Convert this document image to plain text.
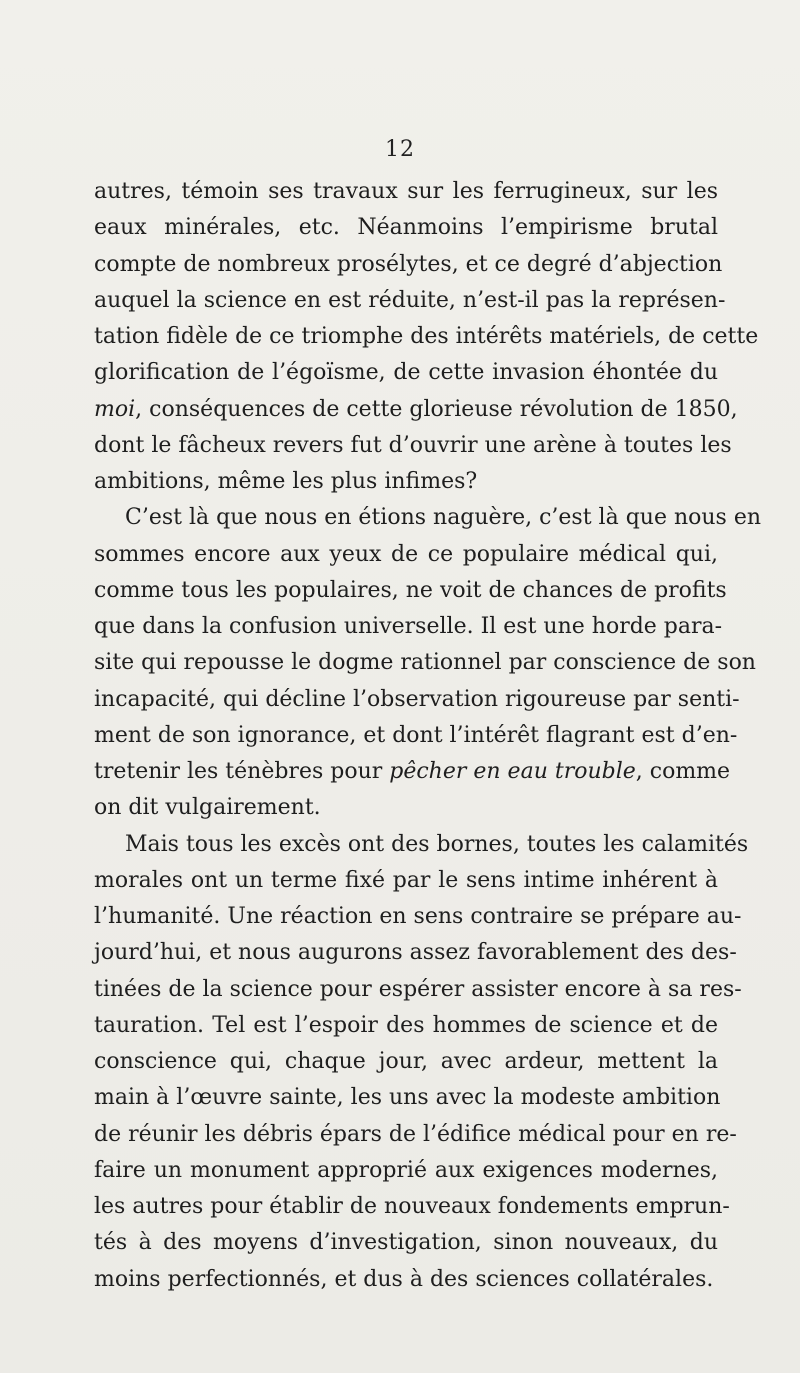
12
autres, témoin ses travaux sur les ferrugineux, sur les
eaux minérales, etc. Néanmoins l’empirisme brutal
compte de nombreux prosélytes, et ce degré d’abjection
auquel la science en est réduite, n’est-il pas la représen-
tation fidèle de ce triomphe des intérêts matériels, de cette
glorification de l’égoïsme, de cette invasion éhontée du
moi, conséquences de cette glorieuse révolution de 1850,
dont le fâcheux revers fut d’ouvrir une arène à toutes les
ambitions, même les plus infimes?
C’est là que nous en étions naguère, c’est là que nous en
sommes encore aux yeux de ce populaire médical qui,
comme tous les populaires, ne voit de chances de profits
que dans la confusion universelle. Il est une horde para-
site qui repousse le dogme rationnel par conscience de son
incapacité, qui décline l’observation rigoureuse par senti-
ment de son ignorance, et dont l’intérêt flagrant est d’en-
tretenir les ténèbres pour pêcher en eau trouble, comme
on dit vulgairement.
Mais tous les excès ont des bornes, toutes les calamités
morales ont un terme fixé par le sens intime inhérent à
l’humanité. Une réaction en sens contraire se prépare au-
jourd’hui, et nous augurons assez favorablement des des-
tinées de la science pour espérer assister encore à sa res-
tauration. Tel est l’espoir des hommes de science et de
conscience qui, chaque jour, avec ardeur, mettent la
main à l’œuvre sainte, les uns avec la modeste ambition
de réunir les débris épars de l’édifice médical pour en re-
faire un monument approprié aux exigences modernes,
les autres pour établir de nouveaux fondements emprun-
tés à des moyens d’investigation, sinon nouveaux, du
moins perfectionnés, et dus à des sciences collatérales.
